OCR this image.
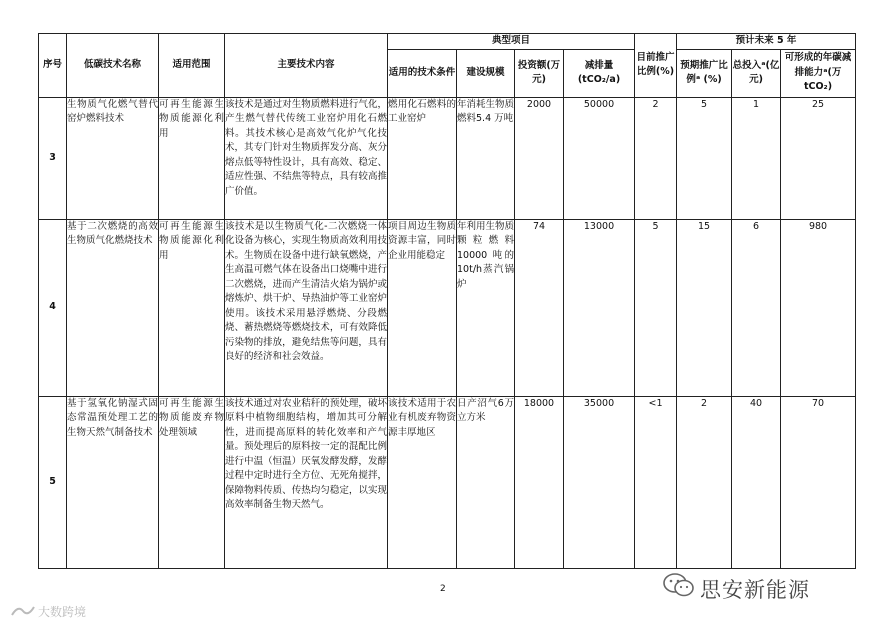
序号	低碳技术名称	适用范围	主要技术内容	典型项目				目前推广比例(%)	预计未来 5 年		
				适用的技术条件	建设规模	投资额(万元)	减排量(tCO₂/a)		预期推广比例ᵃ (%)	总投入ᵃ(亿元)	可形成的年碳减排能力ᵃ(万 tCO₂)
3	生物质气化燃气替代窑炉燃料技术	可再生能源生物质能源化利用	该技术是通过对生物质燃料进行气化，产生燃气替代传统工业窑炉用化石燃料。其技术核心是高效气化炉气化技术，其专门针对生物质挥发分高、灰分熔点低等特性设计，具有高效、稳定、适应性强、不结焦等特点，具有较高推广价值。	燃用化石燃料的工业窑炉	年消耗生物质燃料5.4 万吨	2000	50000	2	5	1	25
4	基于二次燃烧的高效生物质气化燃烧技术	可再生能源生物质能源化利用	该技术是以生物质气化-二次燃烧一体化设备为核心，实现生物质高效利用技术。生物质在设备中进行缺氧燃烧，产生高温可燃气体在设备出口烧嘴中进行二次燃烧，进而产生清洁火焰为锅炉或熔炼炉、烘干炉、导热油炉等工业窑炉使用。该技术采用悬浮燃烧、分段燃烧、蓄热燃烧等燃烧技术，可有效降低污染物的排放，避免结焦等问题，具有良好的经济和社会效益。	项目周边生物质资源丰富，同时企业用能稳定	年利用生物质颗粒燃料10000 吨的10t/h蒸汽锅炉	74	13000	5	15	6	980
5	基于氢氧化钠湿式固态常温预处理工艺的生物天然气制备技术	可再生能源生物质能废弃物处理领域	该技术通过对农业秸秆的预处理，破坏原料中植物细胞结构，增加其可分解性，进而提高原料的转化效率和产气量。预处理后的原料按一定的混配比例进行中温（恒温）厌氧发酵发酵，发酵过程中定时进行全方位、无死角搅拌，保障物料传质、传热均匀稳定，以实现高效率制备生物天然气。	该技术适用于农业有机废弃物资源丰厚地区	日产沼气6万立方米	18000	35000	<1	2	40	70
2	思安新能源
大数跨境
